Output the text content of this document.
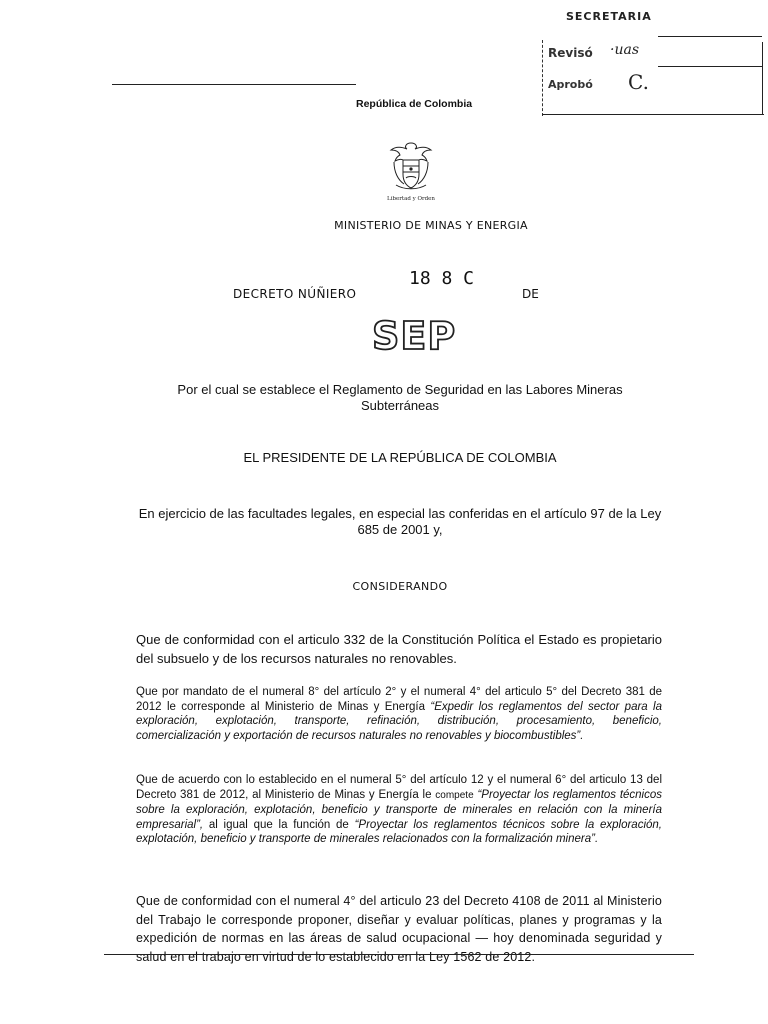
SECRETARIA
Revisó ·uas
Aprobó C.
República de Colombia
Libertad y Orden
MINISTERIO DE MINAS Y ENERGIA
DECRETO NÚÑIERO
18 8 C
DE
SEP
Por el cual se establece el Reglamento de Seguridad en las Labores Mineras Subterráneas
EL PRESIDENTE DE LA REPÚBLICA DE COLOMBIA
En ejercicio de las facultades legales, en especial las conferidas en el artículo 97 de la Ley 685 de 2001 y,
CONSIDERANDO
Que de conformidad con el articulo 332 de la Constitución Política el Estado es propietario del subsuelo y de los recursos naturales no renovables.
Que por mandato de el numeral 8° del artículo 2° y el numeral 4° del articulo 5° del Decreto 381 de 2012 le corresponde al Ministerio de Minas y Energía “Expedir los reglamentos del sector para la exploración, explotación, transporte, refinación, distribución, procesamiento, beneficio, comercialización y exportación de recursos naturales no renovables y biocombustibles”.
Que de acuerdo con lo establecido en el numeral 5° del artículo 12 y el numeral 6° del articulo 13 del Decreto 381 de 2012, al Ministerio de Minas y Energía le compete “Proyectar los reglamentos técnicos sobre la exploración, explotación, beneficio y transporte de minerales en relación con la minería empresarial”, al igual que la función de “Proyectar los reglamentos técnicos sobre la exploración, explotación, beneficio y transporte de minerales relacionados con la formalización minera”.
Que de conformidad con el numeral 4° del articulo 23 del Decreto 4108 de 2011 al Ministerio del Trabajo le corresponde proponer, diseñar y evaluar políticas, planes y programas y la expedición de normas en las áreas de salud ocupacional — hoy denominada seguridad y salud en el trabajo en virtud de lo establecido en la Ley 1562 de 2012.
